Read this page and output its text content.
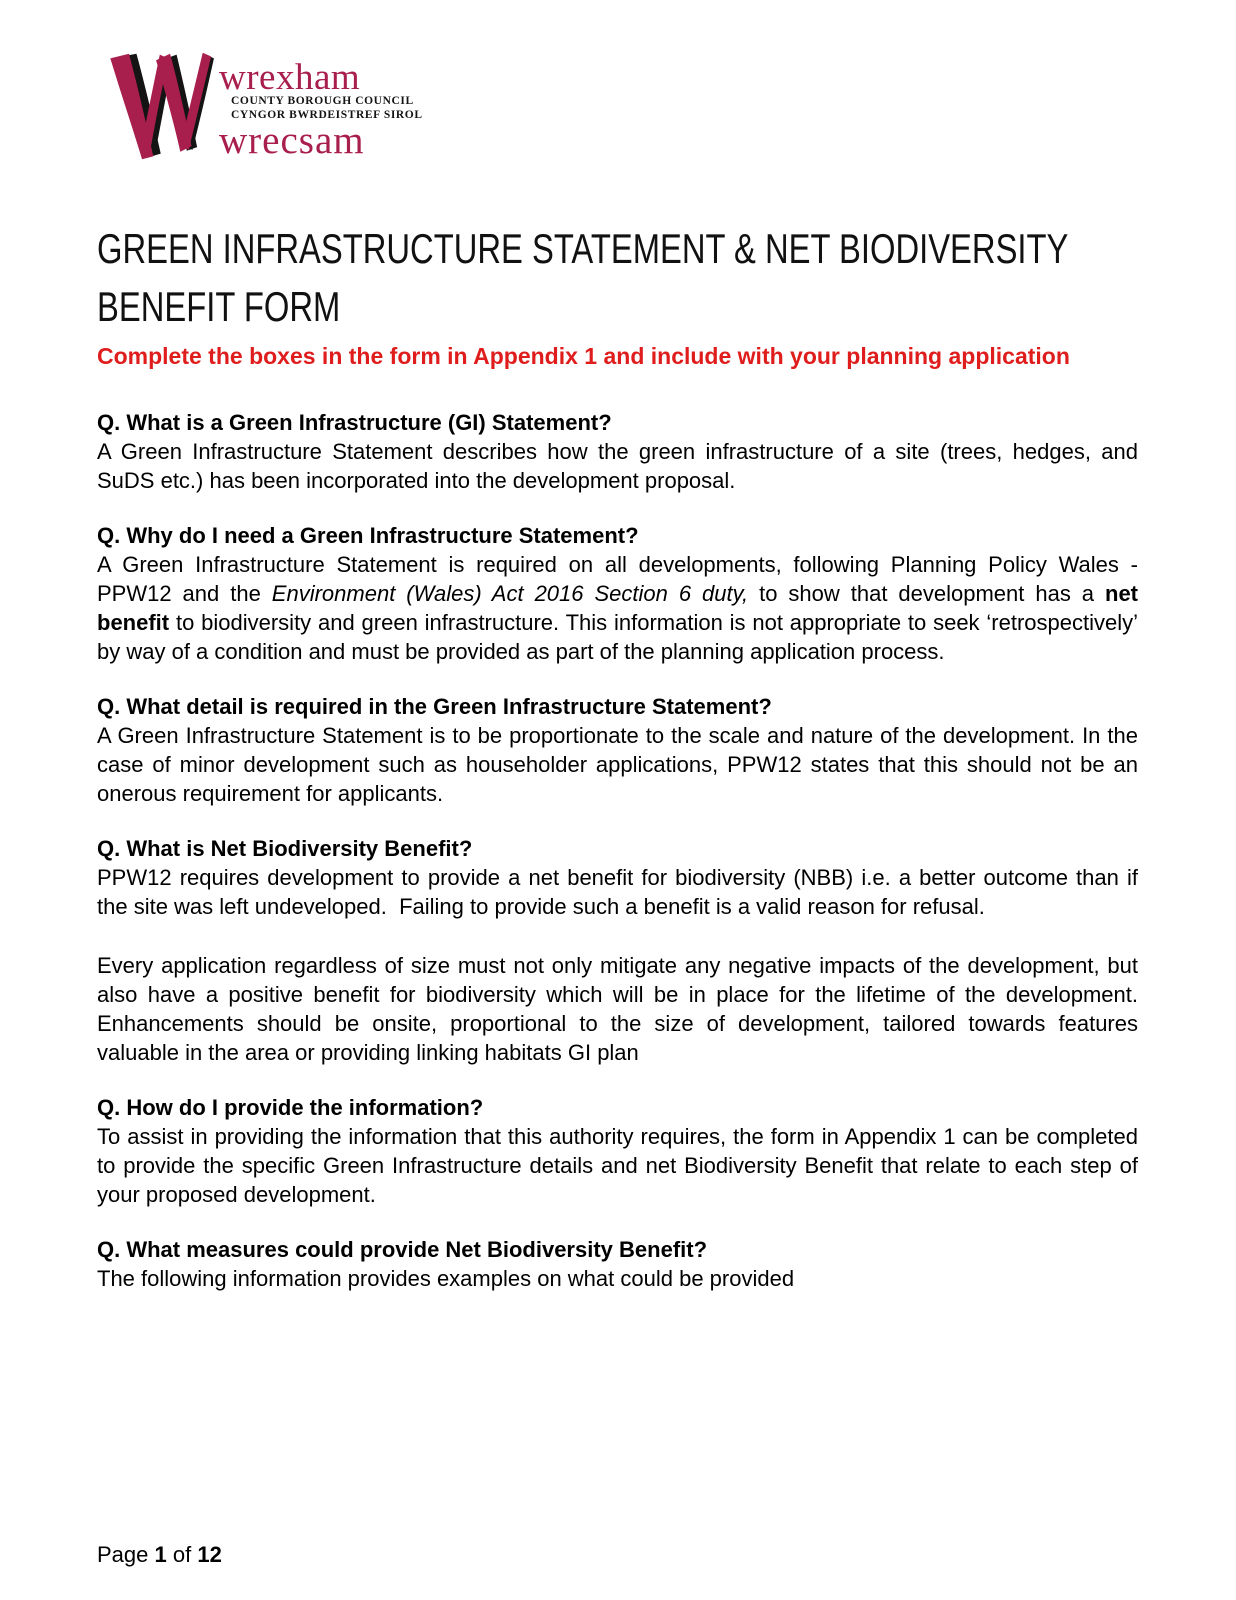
wrexham
COUNTY BOROUGH COUNCIL
CYNGOR BWRDEISTREF SIROL
wrecsam
GREEN INFRASTRUCTURE STATEMENT & NET BIODIVERSITY
BENEFIT FORM

Complete the boxes in the form in Appendix 1 and include with your planning application

Q. What is a Green Infrastructure (GI) Statement?

A Green Infrastructure Statement describes how the green infrastructure of a site (trees, hedges, and SuDS etc.) has been incorporated into the development proposal.

Q. Why do I need a Green Infrastructure Statement?

A Green Infrastructure Statement is required on all developments, following Planning Policy Wales - PPW12 and the Environment (Wales) Act 2016 Section 6 duty, to show that development has a net benefit to biodiversity and green infrastructure. This information is not appropriate to seek ‘retrospectively’ by way of a condition and must be provided as part of the planning application process.

Q. What detail is required in the Green Infrastructure Statement?

A Green Infrastructure Statement is to be proportionate to the scale and nature of the development. In the case of minor development such as householder applications, PPW12 states that this should not be an onerous requirement for applicants.

Q. What is Net Biodiversity Benefit?

PPW12 requires development to provide a net benefit for biodiversity (NBB) i.e. a better outcome than if the site was left undeveloped.  Failing to provide such a benefit is a valid reason for refusal.

Every application regardless of size must not only mitigate any negative impacts of the development, but also have a positive benefit for biodiversity which will be in place for the lifetime of the development. Enhancements should be onsite, proportional to the size of development, tailored towards features valuable in the area or providing linking habitats GI plan

Q. How do I provide the information?

To assist in providing the information that this authority requires, the form in Appendix 1 can be completed to provide the specific Green Infrastructure details and net Biodiversity Benefit that relate to each step of your proposed development.

Q. What measures could provide Net Biodiversity Benefit?

The following information provides examples on what could be provided

Page 1 of 12
